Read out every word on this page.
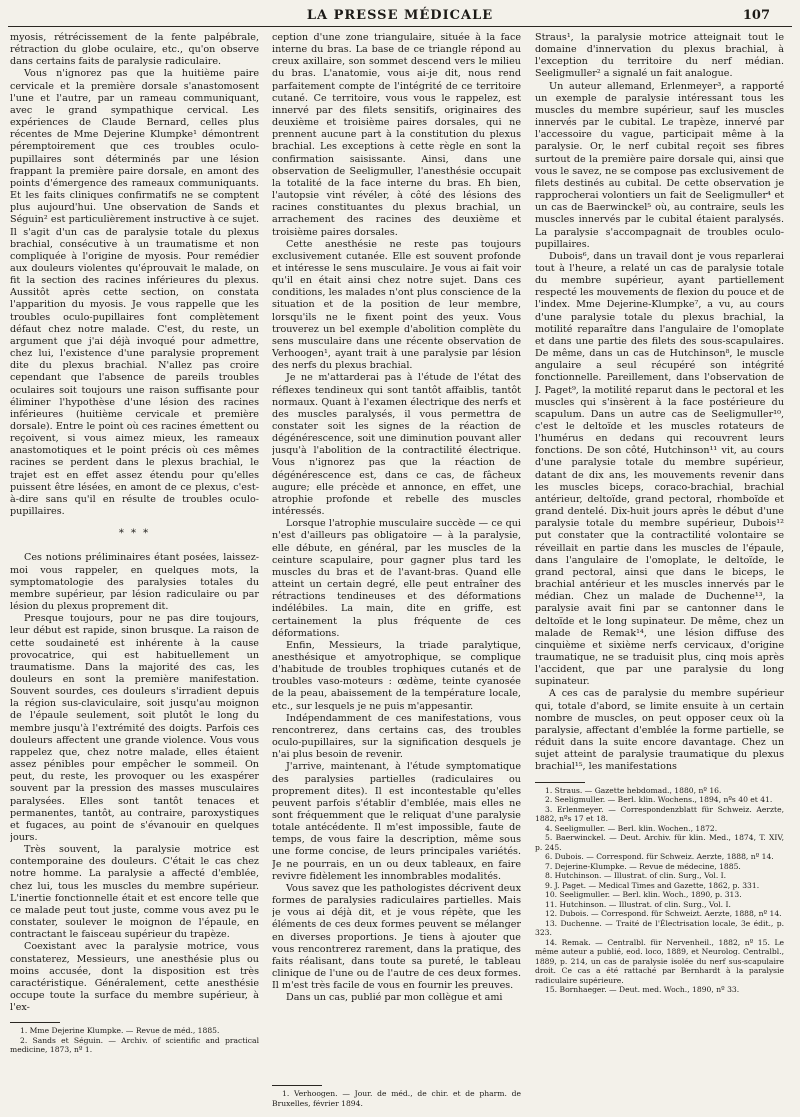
LA PRESSE MÉDICALE	107

myosis, rétrécissement de la fente palpébrale, rétraction du globe oculaire, etc., qu'on observe dans certains faits de paralysie radiculaire.

Vous n'ignorez pas que la huitième paire cervicale et la première dorsale s'anastomosent l'une et l'autre, par un rameau communiquant, avec le grand sympathique cervical. Les expériences de Claude Bernard, celles plus récentes de Mme Dejerine Klumpke¹ démontrent péremptoirement que ces troubles oculo-pupillaires sont déterminés par une lésion frappant la première paire dorsale, en amont des points d'émergence des rameaux communiquants. Et les faits cliniques confirmatifs ne se comptent plus aujourd'hui. Une observation de Sands et Séguin² est particulièrement instructive à ce sujet. Il s'agit d'un cas de paralysie totale du plexus brachial, consécutive à un traumatisme et non compliquée à l'origine de myosis. Pour remédier aux douleurs violentes qu'éprouvait le malade, on fit la section des racines inférieures du plexus. Aussitôt après cette section, on constata l'apparition du myosis. Je vous rappelle que les troubles oculo-pupillaires font complètement défaut chez notre malade. C'est, du reste, un argument que j'ai déjà invoqué pour admettre, chez lui, l'existence d'une paralysie proprement dite du plexus brachial. N'allez pas croire cependant que l'absence de pareils troubles oculaires soit toujours une raison suffisante pour éliminer l'hypothèse d'une lésion des racines inférieures (huitième cervicale et première dorsale). Entre le point où ces racines émettent ou reçoivent, si vous aimez mieux, les rameaux anastomotiques et le point précis où ces mêmes racines se perdent dans le plexus brachial, le trajet est en effet assez étendu pour qu'elles puissent être lésées, en amont de ce plexus, c'est-à-dire sans qu'il en résulte de troubles oculo-pupillaires.

* * *

Ces notions préliminaires étant posées, laissez-moi vous rappeler, en quelques mots, la symptomatologie des paralysies totales du membre supérieur, par lésion radiculaire ou par lésion du plexus proprement dit.

Presque toujours, pour ne pas dire toujours, leur début est rapide, sinon brusque. La raison de cette soudaineté est inhérente à la cause provocatrice, qui est habituellement un traumatisme. Dans la majorité des cas, les douleurs en sont la première manifestation. Souvent sourdes, ces douleurs s'irradient depuis la région sus-claviculaire, soit jusqu'au moignon de l'épaule seulement, soit plutôt le long du membre jusqu'à l'extrémité des doigts. Parfois ces douleurs affectent une grande violence. Vous vous rappelez que, chez notre malade, elles étaient assez pénibles pour empêcher le sommeil. On peut, du reste, les provoquer ou les exaspérer souvent par la pression des masses musculaires paralysées. Elles sont tantôt tenaces et permanentes, tantôt, au contraire, paroxystiques et fugaces, au point de s'évanouir en quelques jours.

Très souvent, la paralysie motrice est contemporaine des douleurs. C'était le cas chez notre homme. La paralysie a affecté d'emblée, chez lui, tous les muscles du membre supérieur. L'inertie fonctionnelle était et est encore telle que ce malade peut tout juste, comme vous avez pu le constater, soulever le moignon de l'épaule, en contractant le faisceau supérieur du trapèze.

Coexistant avec la paralysie motrice, vous constaterez, Messieurs, une anesthésie plus ou moins accusée, dont la disposition est très caractéristique. Généralement, cette anesthésie occupe toute la surface du membre supérieur, à l'ex-

1. Mme Dejerine Klumpke. — Revue de méd., 1885.
2. Sands et Séguin. — Archiv. of scientific and practical medicine, 1873, nº 1.

ception d'une zone triangulaire, située à la face interne du bras. La base de ce triangle répond au creux axillaire, son sommet descend vers le milieu du bras. L'anatomie, vous ai-je dit, nous rend parfaitement compte de l'intégrité de ce territoire cutané. Ce territoire, vous vous le rappelez, est innervé par des filets sensitifs, originaires des deuxième et troisième paires dorsales, qui ne prennent aucune part à la constitution du plexus brachial. Les exceptions à cette règle en sont la confirmation saisissante. Ainsi, dans une observation de Seeligmuller, l'anesthésie occupait la totalité de la face interne du bras. Eh bien, l'autopsie vint révéler, à côté des lésions des racines constituantes du plexus brachial, un arrachement des racines des deuxième et troisième paires dorsales.

Cette anesthésie ne reste pas toujours exclusivement cutanée. Elle est souvent profonde et intéresse le sens musculaire. Je vous ai fait voir qu'il en était ainsi chez notre sujet. Dans ces conditions, les malades n'ont plus conscience de la situation et de la position de leur membre, lorsqu'ils ne le fixent point des yeux. Vous trouverez un bel exemple d'abolition complète du sens musculaire dans une récente observation de Verhoogen¹, ayant trait à une paralysie par lésion des nerfs du plexus brachial.

Je ne m'attarderai pas à l'étude de l'état des réflexes tendineux qui sont tantôt affaiblis, tantôt normaux. Quant à l'examen électrique des nerfs et des muscles paralysés, il vous permettra de constater soit les signes de la réaction de dégénérescence, soit une diminution pouvant aller jusqu'à l'abolition de la contractilité électrique. Vous n'ignorez pas que la réaction de dégénérescence est, dans ce cas, de fâcheux augure; elle précède et annonce, en effet, une atrophie profonde et rebelle des muscles intéressés.

Lorsque l'atrophie musculaire succède — ce qui n'est d'ailleurs pas obligatoire — à la paralysie, elle débute, en général, par les muscles de la ceinture scapulaire, pour gagner plus tard les muscles du bras et de l'avant-bras. Quand elle atteint un certain degré, elle peut entraîner des rétractions tendineuses et des déformations indélébiles. La main, dite en griffe, est certainement la plus fréquente de ces déformations.

Enfin, Messieurs, la triade paralytique, anesthésique et amyotrophique, se complique d'habitude de troubles trophiques cutanés et de troubles vaso-moteurs : œdème, teinte cyanosée de la peau, abaissement de la température locale, etc., sur lesquels je ne puis m'appesantir.

Indépendamment de ces manifestations, vous rencontrerez, dans certains cas, des troubles oculo-pupillaires, sur la signification desquels je n'ai plus besoin de revenir.

J'arrive, maintenant, à l'étude symptomatique des paralysies partielles (radiculaires ou proprement dites). Il est incontestable qu'elles peuvent parfois s'établir d'emblée, mais elles ne sont fréquemment que le reliquat d'une paralysie totale antécédente. Il m'est impossible, faute de temps, de vous faire la description, même sous une forme concise, de leurs principales variétés. Je ne pourrais, en un ou deux tableaux, en faire revivre fidèlement les innombrables modalités.

Vous savez que les pathologistes décrivent deux formes de paralysies radiculaires partielles. Mais je vous ai déjà dit, et je vous répète, que les éléments de ces deux formes peuvent se mélanger en diverses proportions. Je tiens à ajouter que vous rencontrerez rarement, dans la pratique, des faits réalisant, dans toute sa pureté, le tableau clinique de l'une ou de l'autre de ces deux formes. Il m'est très facile de vous en fournir les preuves.

Dans un cas, publié par mon collègue et ami

1. Verhoogen. — Jour. de méd., de chir. et de pharm. de Bruxelles, février 1894.

Straus¹, la paralysie motrice atteignait tout le domaine d'innervation du plexus brachial, à l'exception du territoire du nerf médian. Seeligmuller² a signalé un fait analogue.

Un auteur allemand, Erlenmeyer³, a rapporté un exemple de paralysie intéressant tous les muscles du membre supérieur, sauf les muscles innervés par le cubital. Le trapèze, innervé par l'accessoire du vague, participait même à la paralysie. Or, le nerf cubital reçoit ses fibres surtout de la première paire dorsale qui, ainsi que vous le savez, ne se compose pas exclusivement de filets destinés au cubital. De cette observation je rapprocherai volontiers un fait de Seeligmuller⁴ et un cas de Baerwinckel⁵ où, au contraire, seuls les muscles innervés par le cubital étaient paralysés. La paralysie s'accompagnait de troubles oculo-pupillaires.

Dubois⁶, dans un travail dont je vous reparlerai tout à l'heure, a relaté un cas de paralysie totale du membre supérieur, ayant partiellement respecté les mouvements de flexion du pouce et de l'index. Mme Dejerine-Klumpke⁷, a vu, au cours d'une paralysie totale du plexus brachial, la motilité reparaître dans l'angulaire de l'omoplate et dans une partie des filets des sous-scapulaires. De même, dans un cas de Hutchinson⁸, le muscle angulaire a seul récupéré son intégrité fonctionnelle. Pareillement, dans l'observation de J. Paget⁹, la motilité reparut dans le pectoral et les muscles qui s'insèrent à la face postérieure du scapulum. Dans un autre cas de Seeligmuller¹⁰, c'est le deltoïde et les muscles rotateurs de l'humérus en dedans qui recouvrent leurs fonctions. De son côté, Hutchinson¹¹ vit, au cours d'une paralysie totale du membre supérieur, datant de dix ans, les mouvements revenir dans les muscles biceps, coraco-brachial, brachial antérieur, deltoïde, grand pectoral, rhomboïde et grand dentelé. Dix-huit jours après le début d'une paralysie totale du membre supérieur, Dubois¹² put constater que la contractilité volontaire se réveillait en partie dans les muscles de l'épaule, dans l'angulaire de l'omoplate, le deltoïde, le grand pectoral, ainsi que dans le biceps, le brachial antérieur et les muscles innervés par le médian. Chez un malade de Duchenne¹³, la paralysie avait fini par se cantonner dans le deltoïde et le long supinateur. De même, chez un malade de Remak¹⁴, une lésion diffuse des cinquième et sixième nerfs cervicaux, d'origine traumatique, ne se traduisit plus, cinq mois après l'accident, que par une paralysie du long supinateur.

A ces cas de paralysie du membre supérieur qui, totale d'abord, se limite ensuite à un certain nombre de muscles, on peut opposer ceux où la paralysie, affectant d'emblée la forme partielle, se réduit dans la suite encore davantage. Chez un sujet atteint de paralysie traumatique du plexus brachial¹⁵, les manifestations

1. Straus. — Gazette hebdomad., 1880, nº 16.
2. Seeligmuller. — Berl. klin. Wochens., 1894, nºs 40 et 41.
3. Erlenmeyer. — Correspondenzblatt für Schweiz. Aerzte, 1882, nºs 17 et 18.
4. Seeligmuller. — Berl. klin. Wochen., 1872.
5. Baerwinckel. — Deut. Archiv. für klin. Med., 1874, T. XIV, p. 245.
6. Dubois. — Correspond. für Schweiz. Aerzte, 1888, nº 14.
7. Dejerine-Klumpke. — Revue de médecine, 1885.
8. Hutchinson. — Illustrat. of clin. Surg., Vol. I.
9. J. Paget. — Medical Times and Gazette, 1862, p. 331.
10. Seeligmuller. — Berl. klin. Woch., 1890, p. 313.
11. Hutchinson. — Illustrat. of clin. Surg., Vol. I.
12. Dubois. — Correspond. für Schweizt. Aerzte, 1888, nº 14.
13. Duchenne. — Traité de l'Électrisation locale, 3e édit., p. 323.
14. Remak. — Centralbl. für Nervenheil., 1882, nº 15. Le même auteur a publié, eod. loco, 1889, et Neurolog. Centralbl., 1889, p. 214, un cas de paralysie isolée du nerf sus-scapulaire droit. Ce cas a été rattaché par Bernhardt à la paralysie radiculaire supérieure.
15. Bornhaeger. — Deut. med. Woch., 1890, nº 33.
